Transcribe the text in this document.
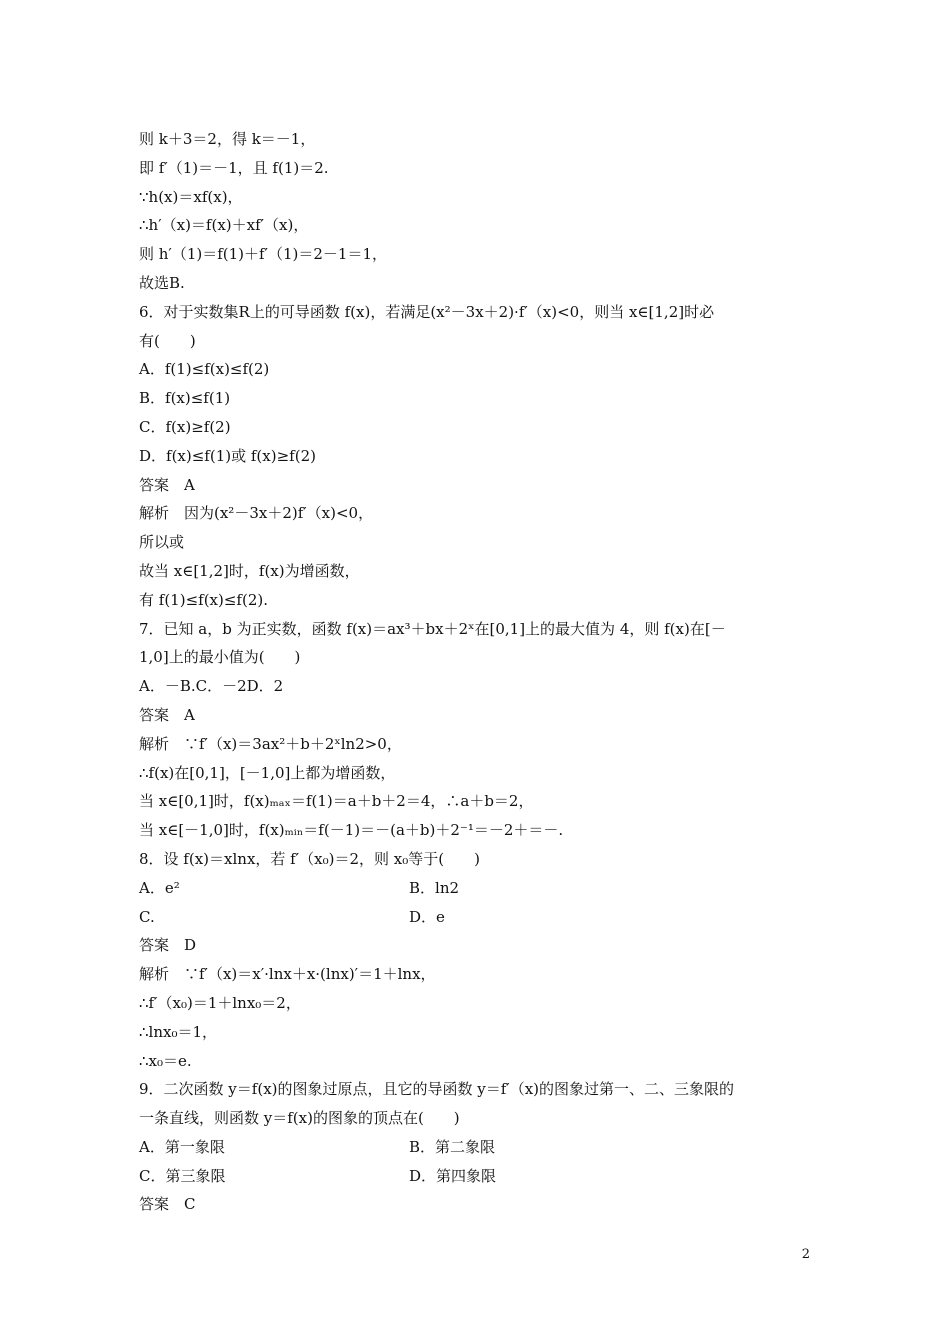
则 k＋3＝2，得 k＝－1，
即 f′（1)＝－1，且 f(1)＝2.
∵h(x)＝xf(x)，
∴h′（x)＝f(x)＋xf′（x)，
则 h′（1)＝f(1)＋f′（1)＝2－1＝1，
故选B.
6．对于实数集R上的可导函数 f(x)，若满足(x²－3x＋2)·f′（x)<0，则当 x∈[1,2]时必
有(　　)
A．f(1)≤f(x)≤f(2)
B．f(x)≤f(1)
C．f(x)≥f(2)
D．f(x)≤f(1)或 f(x)≥f(2)
答案　A
解析　因为(x²－3x＋2)f′（x)<0，
所以或
故当 x∈[1,2]时，f(x)为增函数，
有 f(1)≤f(x)≤f(2).
7．已知 a，b 为正实数，函数 f(x)＝ax³＋bx＋2ˣ在[0,1]上的最大值为 4，则 f(x)在[－
1,0]上的最小值为(　　)
A．－B.C．－2D．2
答案　A
解析　∵f′（x)＝3ax²＋b＋2ˣln2>0，
∴f(x)在[0,1]，[－1,0]上都为增函数，
当 x∈[0,1]时，f(x)ₘₐₓ＝f(1)＝a＋b＋2＝4，∴a＋b＝2，
当 x∈[－1,0]时，f(x)ₘᵢₙ＝f(－1)＝－(a＋b)＋2⁻¹＝－2＋＝－.
8．设 f(x)＝xlnx，若 f′（x₀)＝2，则 x₀等于(　　)
A．e²	B．ln2
C.	D．e
答案　D
解析　∵f′（x)＝x′·lnx＋x·(lnx)′＝1＋lnx，
∴f′（x₀)＝1＋lnx₀＝2，
∴lnx₀＝1，
∴x₀＝e.
9．二次函数 y＝f(x)的图象过原点，且它的导函数 y＝f′（x)的图象过第一、二、三象限的
一条直线，则函数 y＝f(x)的图象的顶点在(　　)
A．第一象限	B．第二象限
C．第三象限	D．第四象限
答案　C
2
